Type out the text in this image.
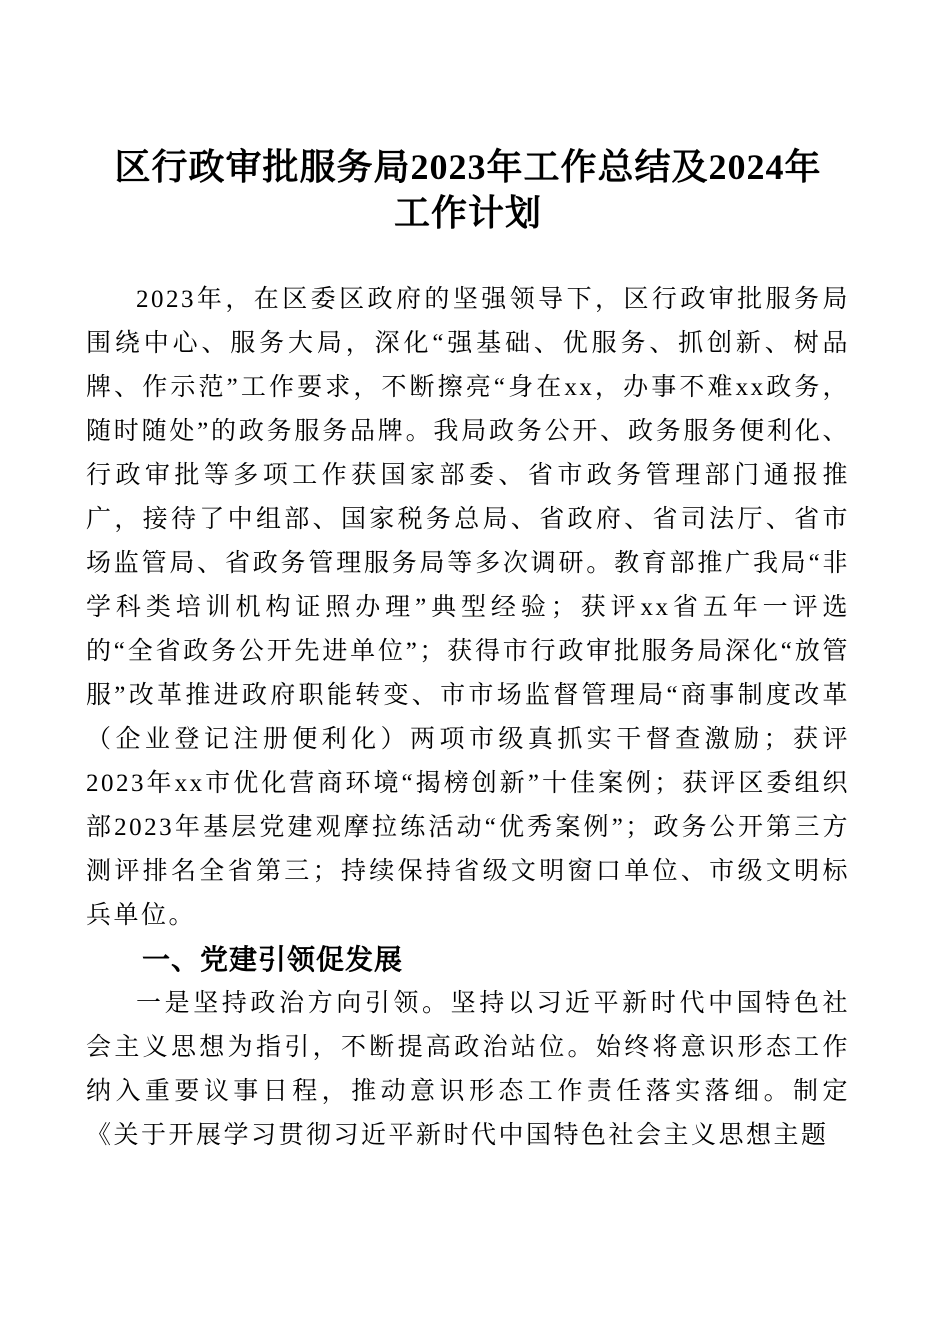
区行政审批服务局2023年工作总结及2024年工作计划

2023年，在区委区政府的坚强领导下，区行政审批服务局围绕中心、服务大局，深化“强基础、优服务、抓创新、树品牌、作示范”工作要求，不断擦亮“身在xx，办事不难xx政务，随时随处”的政务服务品牌。我局政务公开、政务服务便利化、行政审批等多项工作获国家部委、省市政务管理部门通报推广，接待了中组部、国家税务总局、省政府、省司法厅、省市场监管局、省政务管理服务局等多次调研。教育部推广我局“非学科类培训机构证照办理”典型经验；获评xx省五年一评选的“全省政务公开先进单位”；获得市行政审批服务局深化“放管服”改革推进政府职能转变、市市场监督管理局“商事制度改革（企业登记注册便利化）两项市级真抓实干督查激励；获评2023年xx市优化营商环境“揭榜创新”十佳案例；获评区委组织部2023年基层党建观摩拉练活动“优秀案例”；政务公开第三方测评排名全省第三；持续保持省级文明窗口单位、市级文明标兵单位。

一、党建引领促发展

一是坚持政治方向引领。坚持以习近平新时代中国特色社会主义思想为指引，不断提高政治站位。始终将意识形态工作纳入重要议事日程，推动意识形态工作责任落实落细。制定《关于开展学习贯彻习近平新时代中国特色社会主义思想主题
